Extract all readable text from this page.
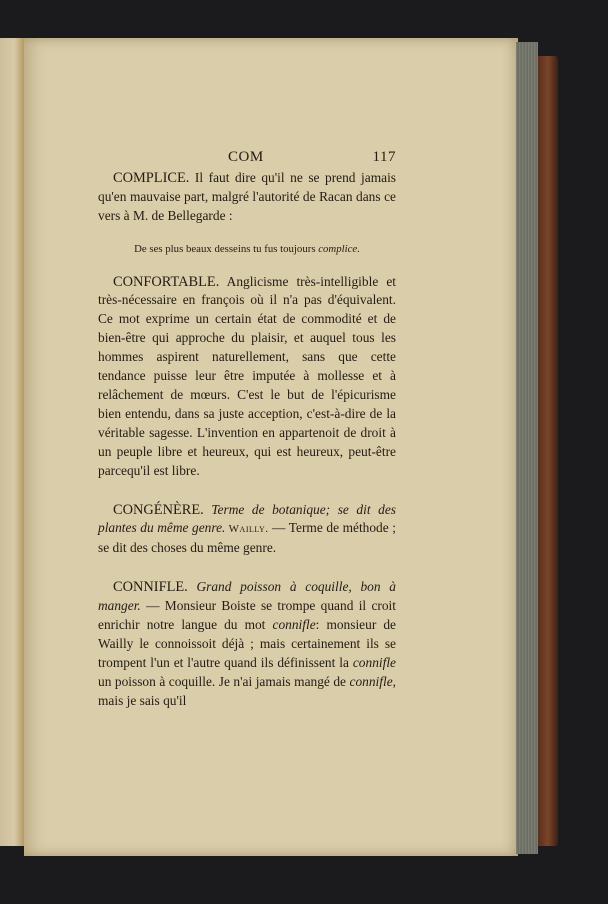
COM	117

COMPLICE. Il faut dire qu'il ne se prend jamais qu'en mauvaise part, malgré l'autorité de Racan dans ce vers à M. de Bellegarde :

De ses plus beaux desseins tu fus toujours complice.

CONFORTABLE. Anglicisme très-intelligible et très-nécessaire en françois où il n'a pas d'équivalent. Ce mot exprime un certain état de commodité et de bien-être qui approche du plaisir, et auquel tous les hommes aspirent naturellement, sans que cette tendance puisse leur être imputée à mollesse et à relâchement de mœurs. C'est le but de l'épicurisme bien entendu, dans sa juste acception, c'est-à-dire de la véritable sagesse. L'invention en appartenoit de droit à un peuple libre et heureux, qui est heureux, peut-être parcequ'il est libre.

CONGÉNÈRE. Terme de botanique; se dit des plantes du même genre. Wailly. — Terme de méthode ; se dit des choses du même genre.

CONNIFLE. Grand poisson à coquille, bon à manger. — Monsieur Boiste se trompe quand il croit enrichir notre langue du mot connifle: monsieur de Wailly le connoissoit déjà ; mais certainement ils se trompent l'un et l'autre quand ils définissent la connifle un poisson à coquille. Je n'ai jamais mangé de connifle, mais je sais qu'il
